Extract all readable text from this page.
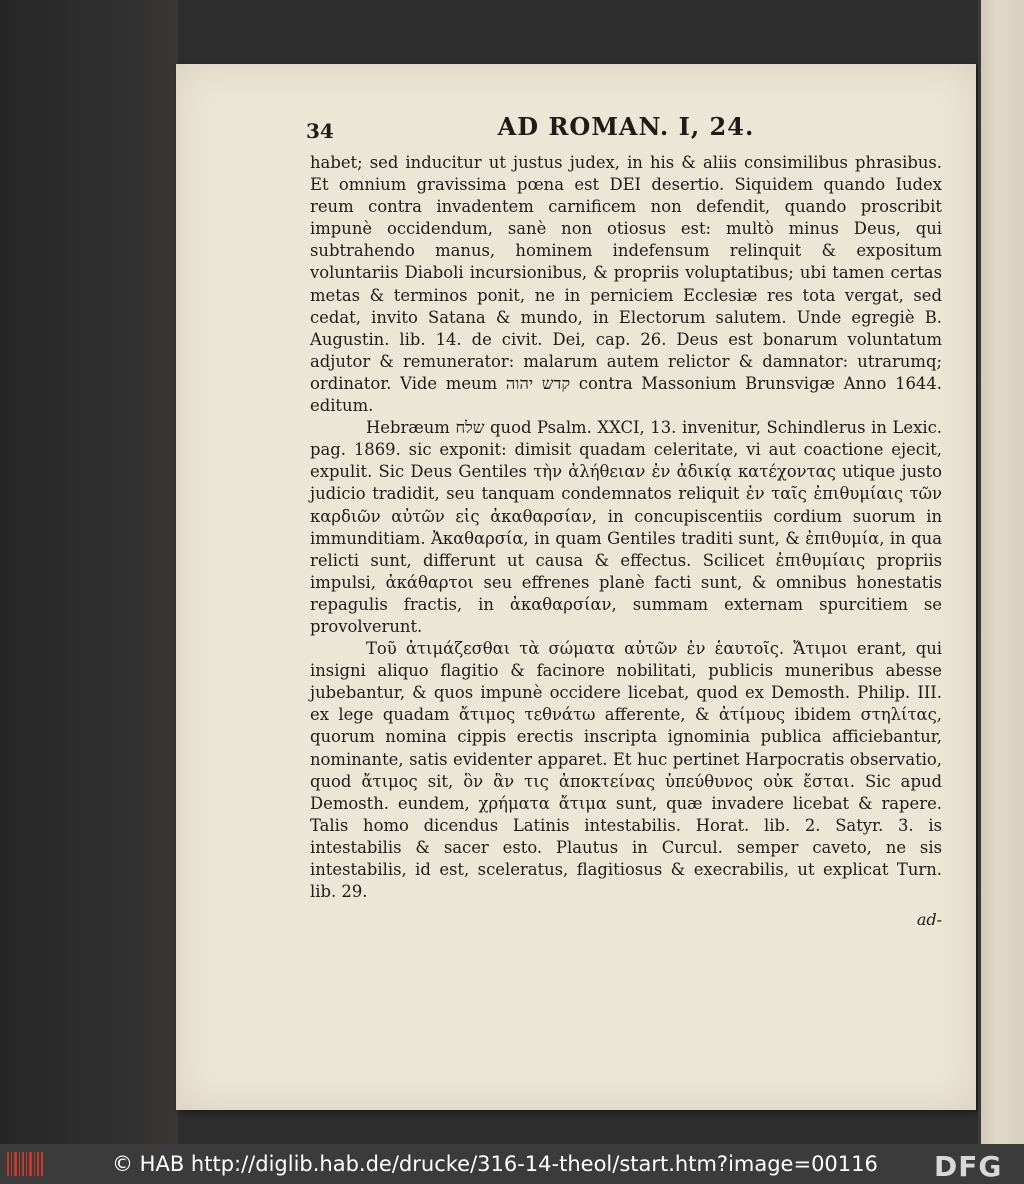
34	AD ROMAN. I, 24.

habet; sed inducitur ut justus judex, in his & aliis consimilibus phrasibus. Et omnium gravissima pœna est DEI desertio. Siquidem quando Iudex reum contra invadentem carnificem non defendit, quando proscribit impunè occidendum, sanè non otiosus est: multò minus Deus, qui subtrahendo manus, hominem indefensum relinquit & expositum voluntariis Diaboli incursionibus, & propriis voluptatibus; ubi tamen certas metas & terminos ponit, ne in perniciem Ecclesiæ res tota vergat, sed cedat, invito Satana & mundo, in Electorum salutem. Unde egregiè B. Augustin. lib. 14. de civit. Dei, cap. 26. Deus est bonarum voluntatum adjutor & remunerator: malarum autem relictor & damnator: utrarumq; ordinator. Vide meum קדש יהוה contra Massonium Brunsvigæ Anno 1644. editum.

Hebræum שלח quod Psalm. XXCI, 13. invenitur, Schindlerus in Lexic. pag. 1869. sic exponit: dimisit quadam celeritate, vi aut coactione ejecit, expulit. Sic Deus Gentiles τὴν ἀλήθειαν ἐν ἀδικίᾳ κατέχοντας utique justo judicio tradidit, seu tanquam condemnatos reliquit ἐν ταῖς ἐπιθυμίαις τῶν καρδιῶν αὐτῶν εἰς ἀκαθαρσίαν, in concupiscentiis cordium suorum in immunditiam. Ἀκαθαρσία, in quam Gentiles traditi sunt, & ἐπιθυμία, in qua relicti sunt, differunt ut causa & effectus. Scilicet ἐπιθυμίαις propriis impulsi, ἀκάθαρτοι seu effrenes planè facti sunt, & omnibus honestatis repagulis fractis, in ἀκαθαρσίαν, summam externam spurcitiem se provolverunt.

Τοῦ ἀτιμάζεσθαι τὰ σώματα αὐτῶν ἐν ἑαυτοῖς. Ἄτιμοι erant, qui insigni aliquo flagitio & facinore nobilitati, publicis muneribus abesse jubebantur, & quos impunè occidere licebat, quod ex Demosth. Philip. III. ex lege quadam ἄτιμος τεθνάτω afferente, & ἀτίμους ibidem στηλίτας, quorum nomina cippis erectis inscripta ignominia publica afficiebantur, nominante, satis evidenter apparet. Et huc pertinet Harpocratis observatio, quod ἄτιμος sit, ὃν ἂν τις ἀποκτείνας ὑπεύθυνος οὐκ ἔσται. Sic apud Demosth. eundem, χρήματα ἄτιμα sunt, quæ invadere licebat & rapere. Talis homo dicendus Latinis intestabilis. Horat. lib. 2. Satyr. 3. is intestabilis & sacer esto. Plautus in Curcul. semper caveto, ne sis intestabilis, id est, sceleratus, flagitiosus & execrabilis, ut explicat Turn. lib. 29.

ad-
© HAB http://diglib.hab.de/drucke/316-14-theol/start.htm?image=00116 DFG
